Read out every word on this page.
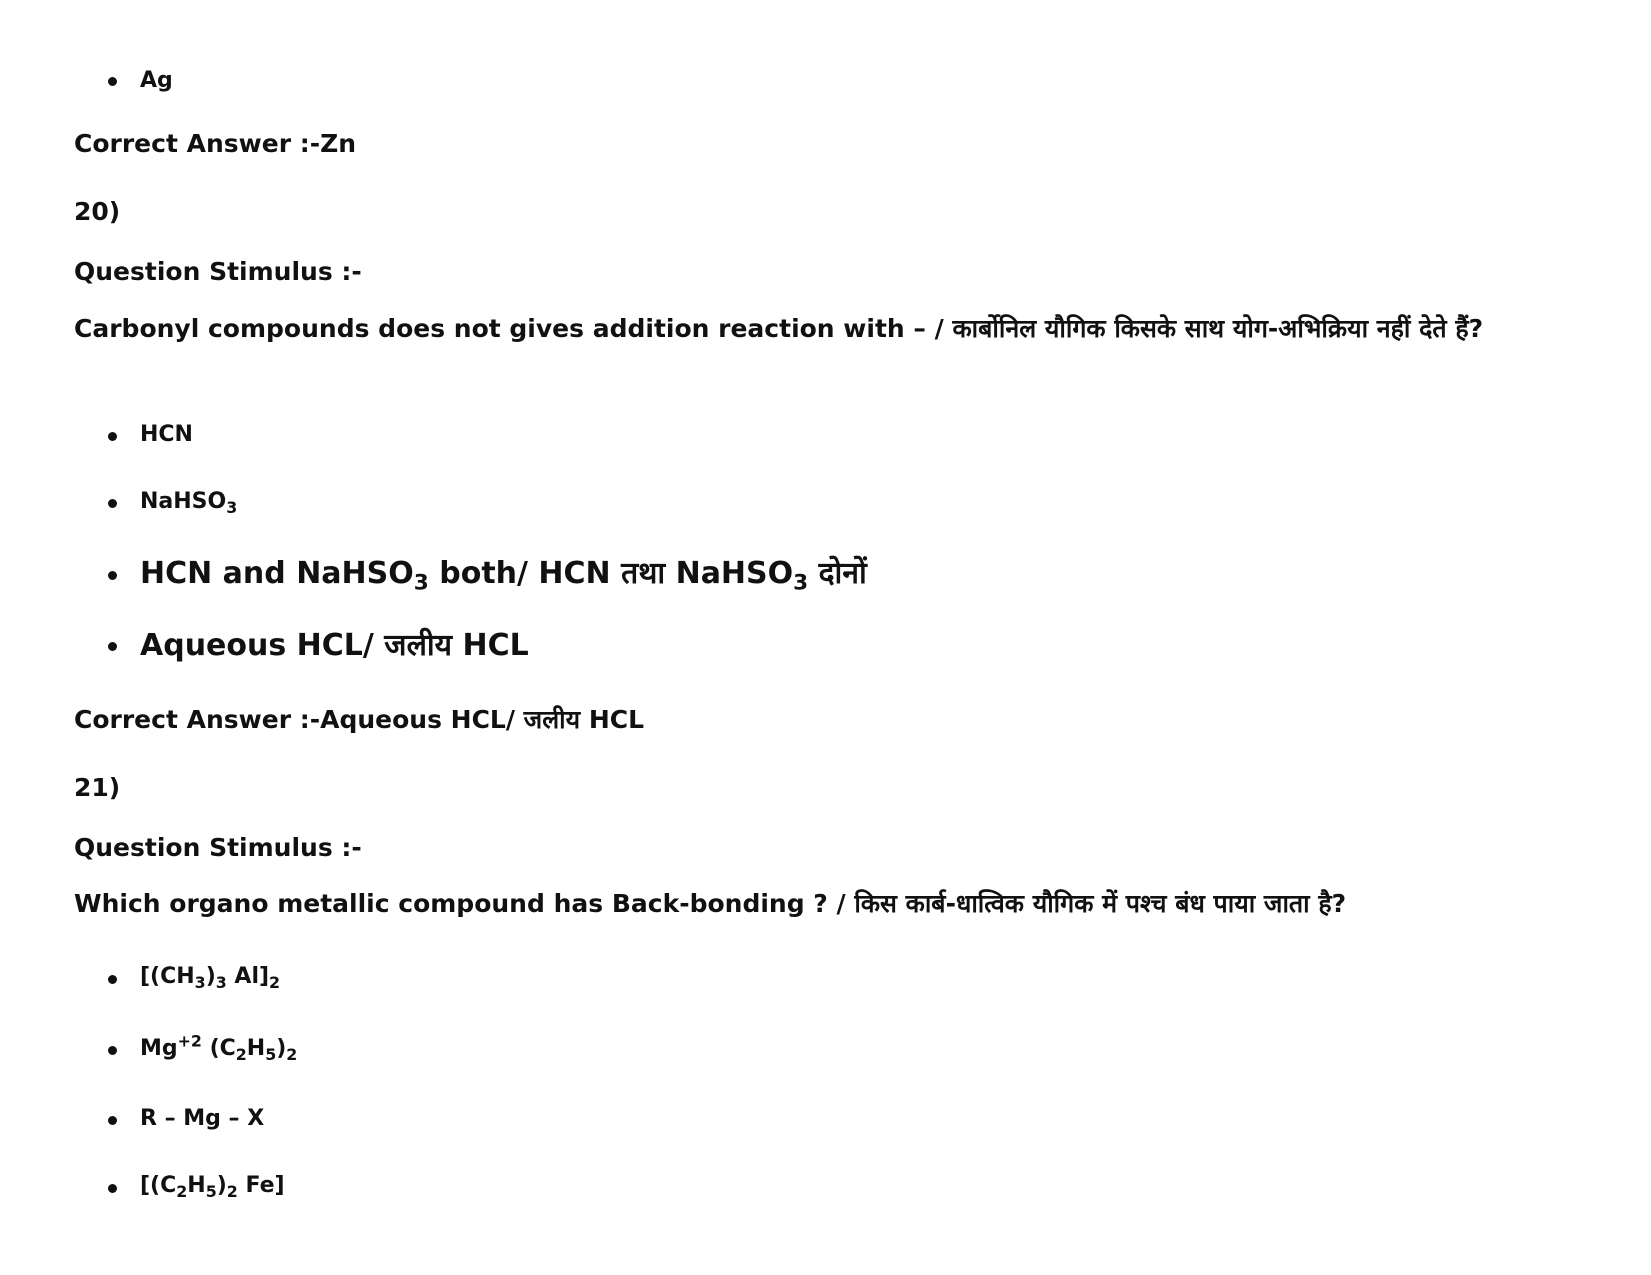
Ag
Correct Answer :-Zn
20)
Question Stimulus :-
Carbonyl compounds does not gives addition reaction with – / कार्बोनिल यौगिक किसके साथ योग-अभिक्रिया नहीं देते हैं?
HCN
NaHSO$_3$
HCN and NaHSO$_3$ both/ HCN तथा NaHSO$_3$ दोनों
Aqueous HCL/ जलीय HCL
Correct Answer :-Aqueous HCL/ जलीय HCL
21)
Question Stimulus :-
Which organo metallic compound has Back-bonding ? / किस कार्ब-धात्विक यौगिक में पश्च बंध पाया जाता है?
[$(CH_3)_3$ $Al]_2$
$Mg^{+2}$ $(C_2H_5)_2$
R – Mg – X
[$(C_2H_5)_2$ Fe]
